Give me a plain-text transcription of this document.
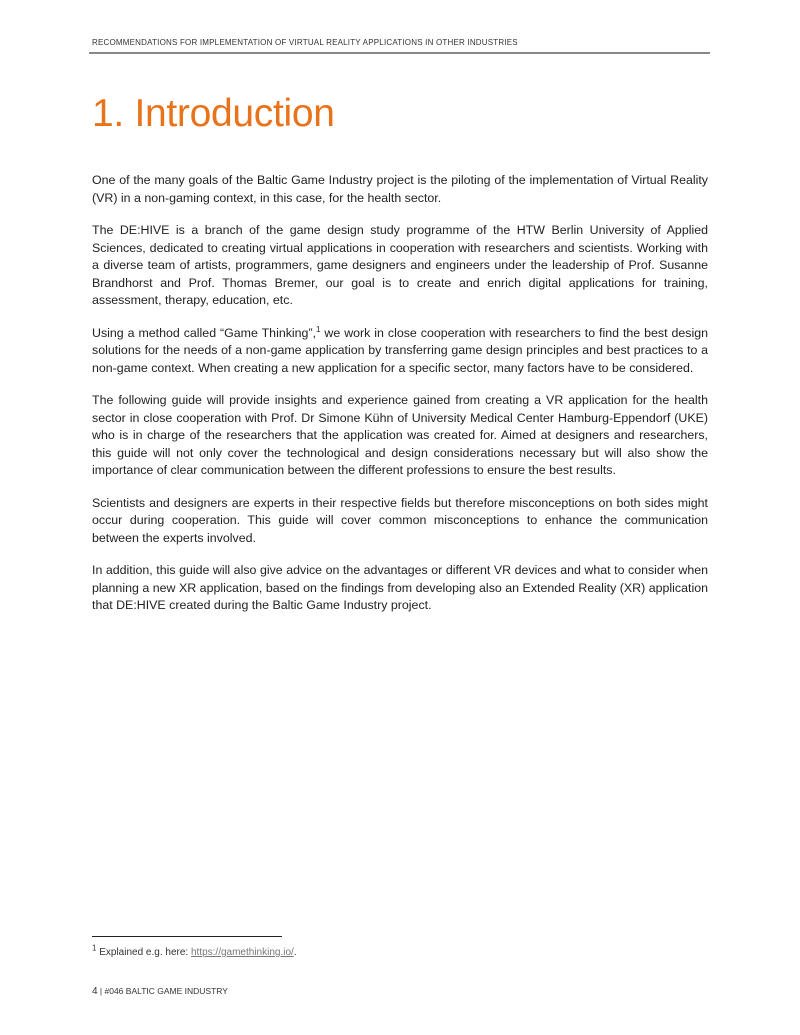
RECOMMENDATIONS FOR IMPLEMENTATION OF VIRTUAL REALITY APPLICATIONS IN OTHER INDUSTRIES
1. Introduction

One of the many goals of the Baltic Game Industry project is the piloting of the implementation of Virtual Reality (VR) in a non-gaming context, in this case, for the health sector.

The DE:HIVE is a branch of the game design study programme of the HTW Berlin University of Applied Sciences, dedicated to creating virtual applications in cooperation with researchers and scientists. Working with a diverse team of artists, programmers, game designers and engineers under the leadership of Prof. Susanne Brandhorst and Prof. Thomas Bremer, our goal is to create and enrich digital applications for training, assessment, therapy, education, etc.

Using a method called “Game Thinking”,$^1$ we work in close cooperation with researchers to find the best design solutions for the needs of a non-game application by transferring game design principles and best practices to a non-game context. When creating a new application for a specific sector, many factors have to be considered.

The following guide will provide insights and experience gained from creating a VR application for the health sector in close cooperation with Prof. Dr Simone Kühn of University Medical Center Hamburg-Eppendorf (UKE) who is in charge of the researchers that the application was created for. Aimed at designers and researchers, this guide will not only cover the technological and design considerations necessary but will also show the importance of clear communication between the different professions to ensure the best results.

Scientists and designers are experts in their respective fields but therefore misconceptions on both sides might occur during cooperation. This guide will cover common misconceptions to enhance the communication between the experts involved.

In addition, this guide will also give advice on the advantages or different VR devices and what to consider when planning a new XR application, based on the findings from developing also an Extended Reality (XR) application that DE:HIVE created during the Baltic Game Industry project.

$^1$ Explained e.g. here: https://gamethinking.io/.
4 | #046 BALTIC GAME INDUSTRY
